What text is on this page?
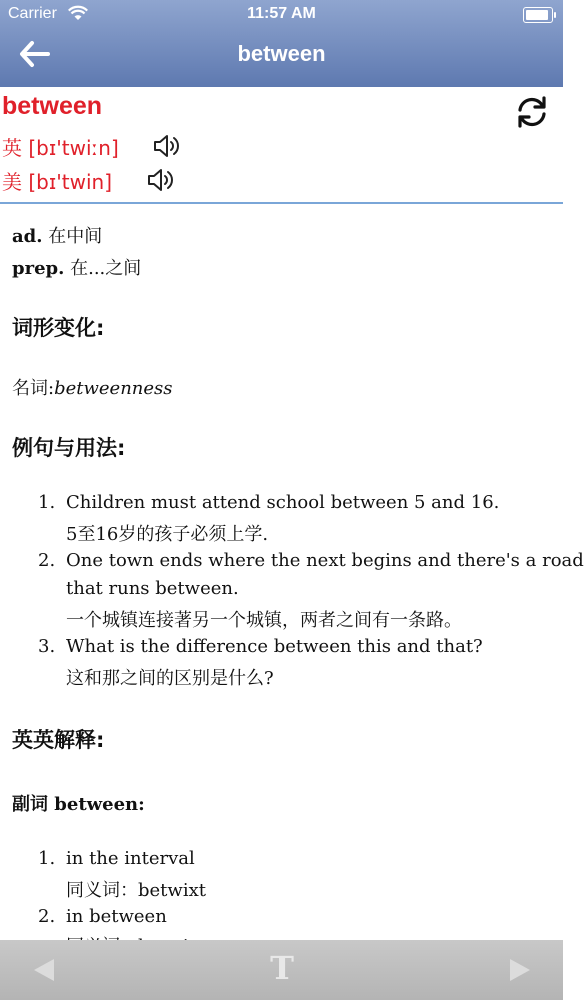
Carrier	11:57 AM
between
between
英 [bɪ'twiːn]
美 [bɪ'twin]
ad. 在中间
prep. 在...之间
词形变化:
名词:betweenness
例句与用法:
1. Children must attend school between 5 and 16.
5至16岁的孩子必须上学.
2. One town ends where the next begins and there's a road
that runs between.
一个城镇连接著另一个城镇，两者之间有一条路。
3. What is the difference between this and that?
这和那之间的区别是什么?
英英解释:
副词 between:
1. in the interval
同义词：betwixt
2. in between
T
